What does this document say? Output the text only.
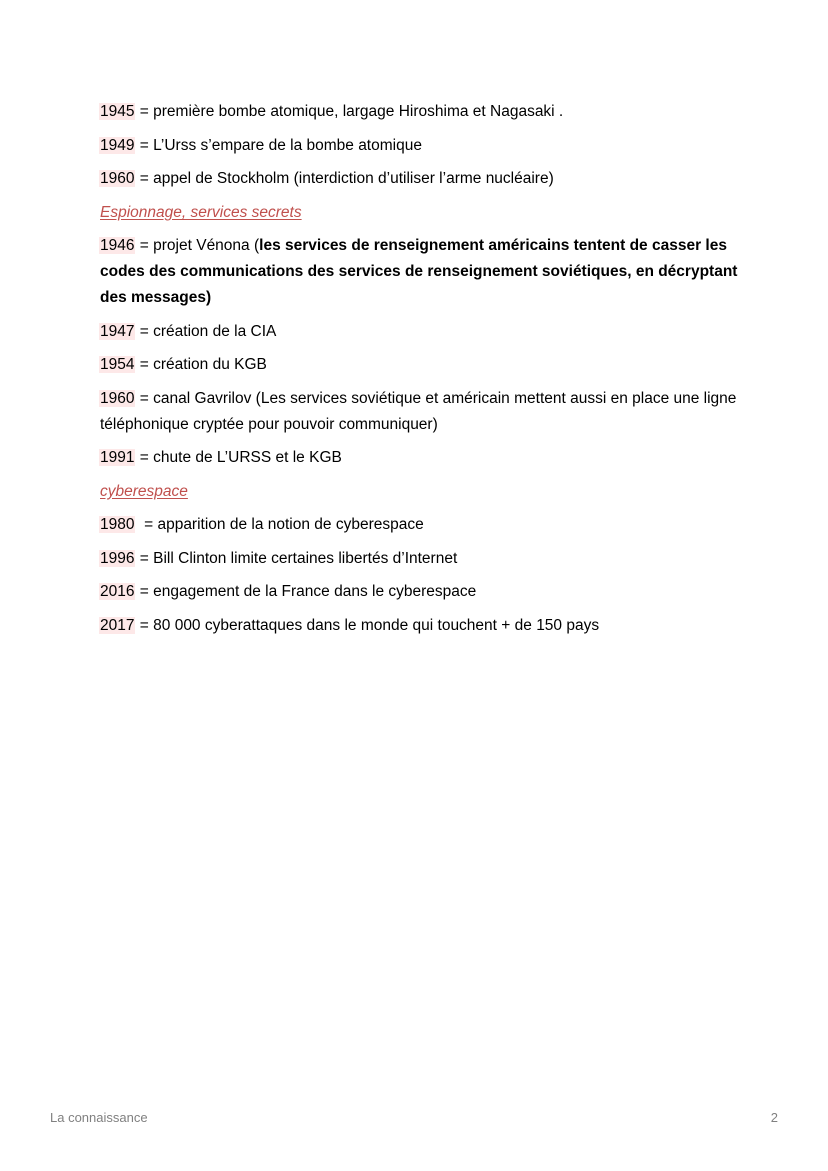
1945 = première bombe atomique, largage Hiroshima et Nagasaki .

1949 = L’Urss s’empare de la bombe atomique

1960 = appel de Stockholm (interdiction d’utiliser l’arme nucléaire)

Espionnage, services secrets

1946 = projet Vénona (les services de renseignement américains tentent de casser les codes des communications des services de renseignement soviétiques, en décryptant des messages)

1947 = création de la CIA

1954 = création du KGB

1960 = canal Gavrilov (Les services soviétique et américain mettent aussi en place une ligne téléphonique cryptée pour pouvoir communiquer)

1991 = chute de L’URSS et le KGB

cyberespace

1980  = apparition de la notion de cyberespace

1996 = Bill Clinton limite certaines libertés d’Internet

2016 = engagement de la France dans le cyberespace

2017 = 80 000 cyberattaques dans le monde qui touchent + de 150 pays

La connaissance	2
